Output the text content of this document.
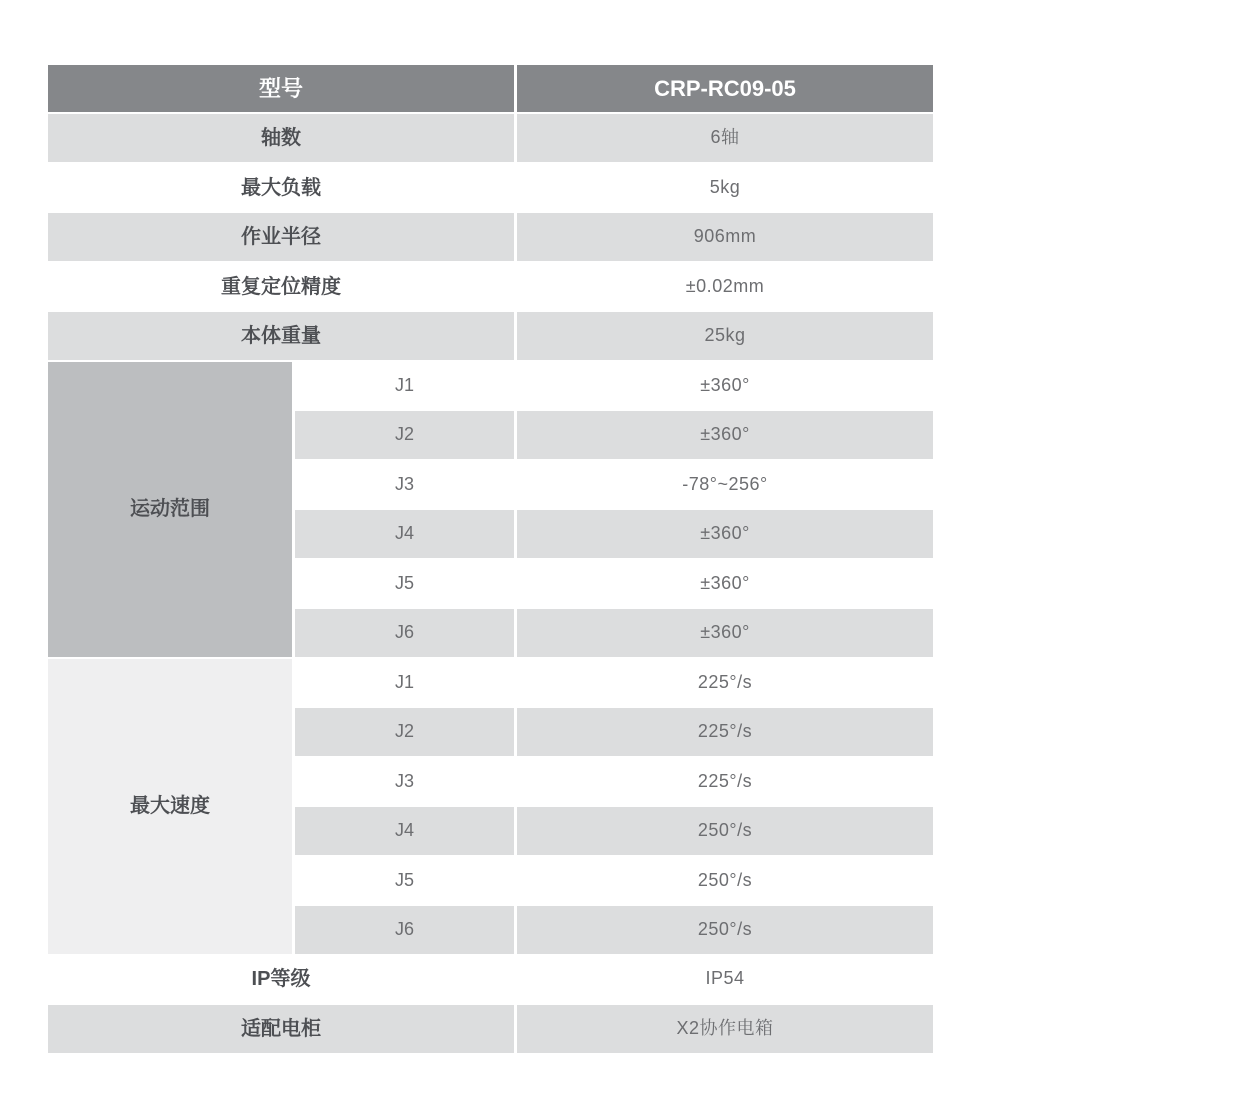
型号	CRP-RC09-05
轴数	6轴
最大负载	5kg
作业半径	906mm
重复定位精度	±0.02mm
本体重量	25kg
运动范围
J1	±360°
J2	±360°
J3	-78°~256°
J4	±360°
J5	±360°
J6	±360°
最大速度
J1	225°/s
J2	225°/s
J3	225°/s
J4	250°/s
J5	250°/s
J6	250°/s
IP等级	IP54
适配电柜	X2协作电箱
